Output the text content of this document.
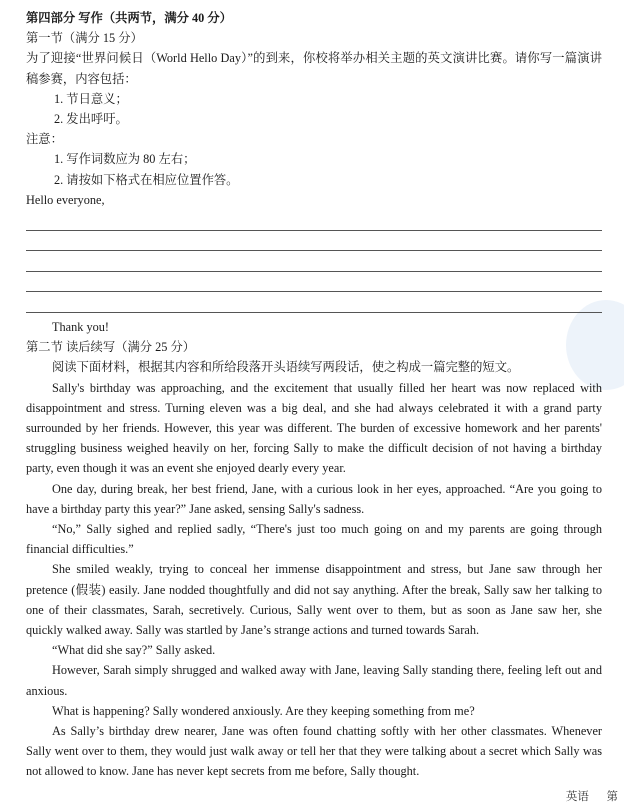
第四部分 写作（共两节，满分 40 分）

第一节（满分 15 分）

为了迎接“世界问候日（World Hello Day）”的到来，你校将举办相关主题的英文演讲比赛。请你写一篇演讲稿参赛，内容包括：

1. 节日意义；

2. 发出呼吁。

注意：

1. 写作词数应为 80 左右；

2. 请按如下格式在相应位置作答。

Hello everyone,

Thank you!

第二节 读后续写（满分 25 分）

阅读下面材料，根据其内容和所给段落开头语续写两段话，使之构成一篇完整的短文。

Sally's birthday was approaching, and the excitement that usually filled her heart was now replaced with disappointment and stress. Turning eleven was a big deal, and she had always celebrated it with a grand party surrounded by her friends. However, this year was different. The burden of excessive homework and her parents' struggling business weighed heavily on her, forcing Sally to make the difficult decision of not having a birthday party, even though it was an event she enjoyed dearly every year.

One day, during break, her best friend, Jane, with a curious look in her eyes, approached. “Are you going to have a birthday party this year?” Jane asked, sensing Sally's sadness.

“No,” Sally sighed and replied sadly, “There's just too much going on and my parents are going through financial difficulties.”

She smiled weakly, trying to conceal her immense disappointment and stress, but Jane saw through her pretence (假装) easily. Jane nodded thoughtfully and did not say anything. After the break, Sally saw her talking to one of their classmates, Sarah, secretively. Curious, Sally went over to them, but as soon as Jane saw her, she quickly walked away. Sally was startled by Jane’s strange actions and turned towards Sarah.

“What did she say?” Sally asked.

However, Sarah simply shrugged and walked away with Jane, leaving Sally standing there, feeling left out and anxious.

What is happening? Sally wondered anxiously. Are they keeping something from me?

As Sally’s birthday drew nearer, Jane was often found chatting softly with her other classmates. Whenever Sally went over to them, they would just walk away or tell her that they were talking about a secret which Sally was not allowed to know. Jane has never kept secrets from me before, Sally thought.

英语 第
